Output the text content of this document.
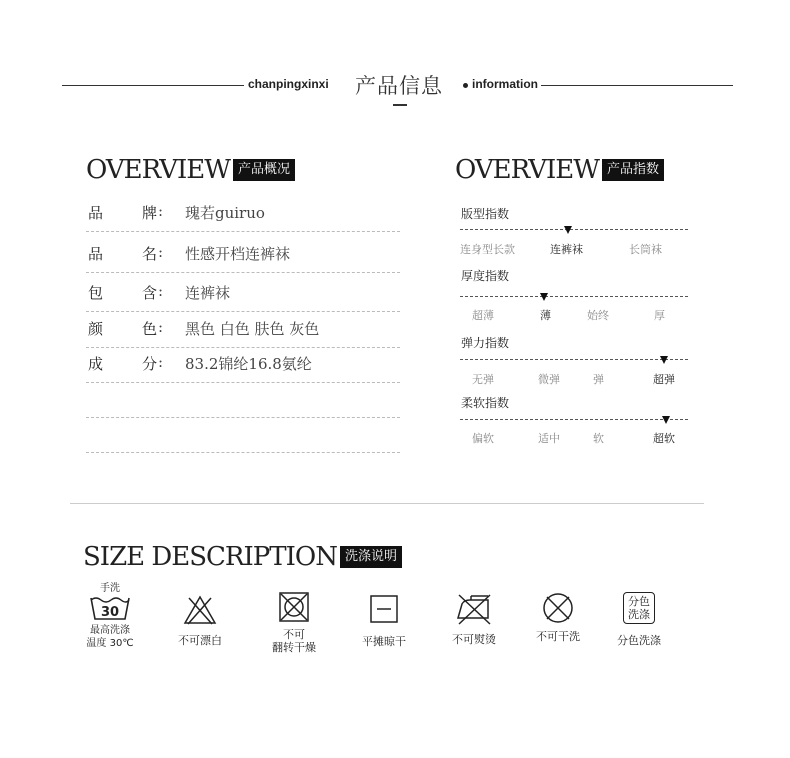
chanpingxinxi 产品信息 information
OVERVIEW 产品概况
品	牌 : 瑰若guiruo
品	名 : 性感开档连裤袜
包	含 : 连裤袜
颜	色 : 黑色 白色 肤色 灰色
成	分 : 83.2锦纶16.8氨纶
OVERVIEW 产品指数
版型指数
连身型长款	连裤袜	长筒袜
厚度指数
超薄	薄	始终	厚
弹力指数
无弹	微弹	弹	超弹
柔软指数
偏软	适中	软	超软
SIZE DESCRIPTION 洗涤说明
手洗
30
最高洗涤
温度 30℃	不可漂白	不可
翻转干燥	平摊晾干	不可熨烫	不可干洗
分色
洗涤
分色洗涤
